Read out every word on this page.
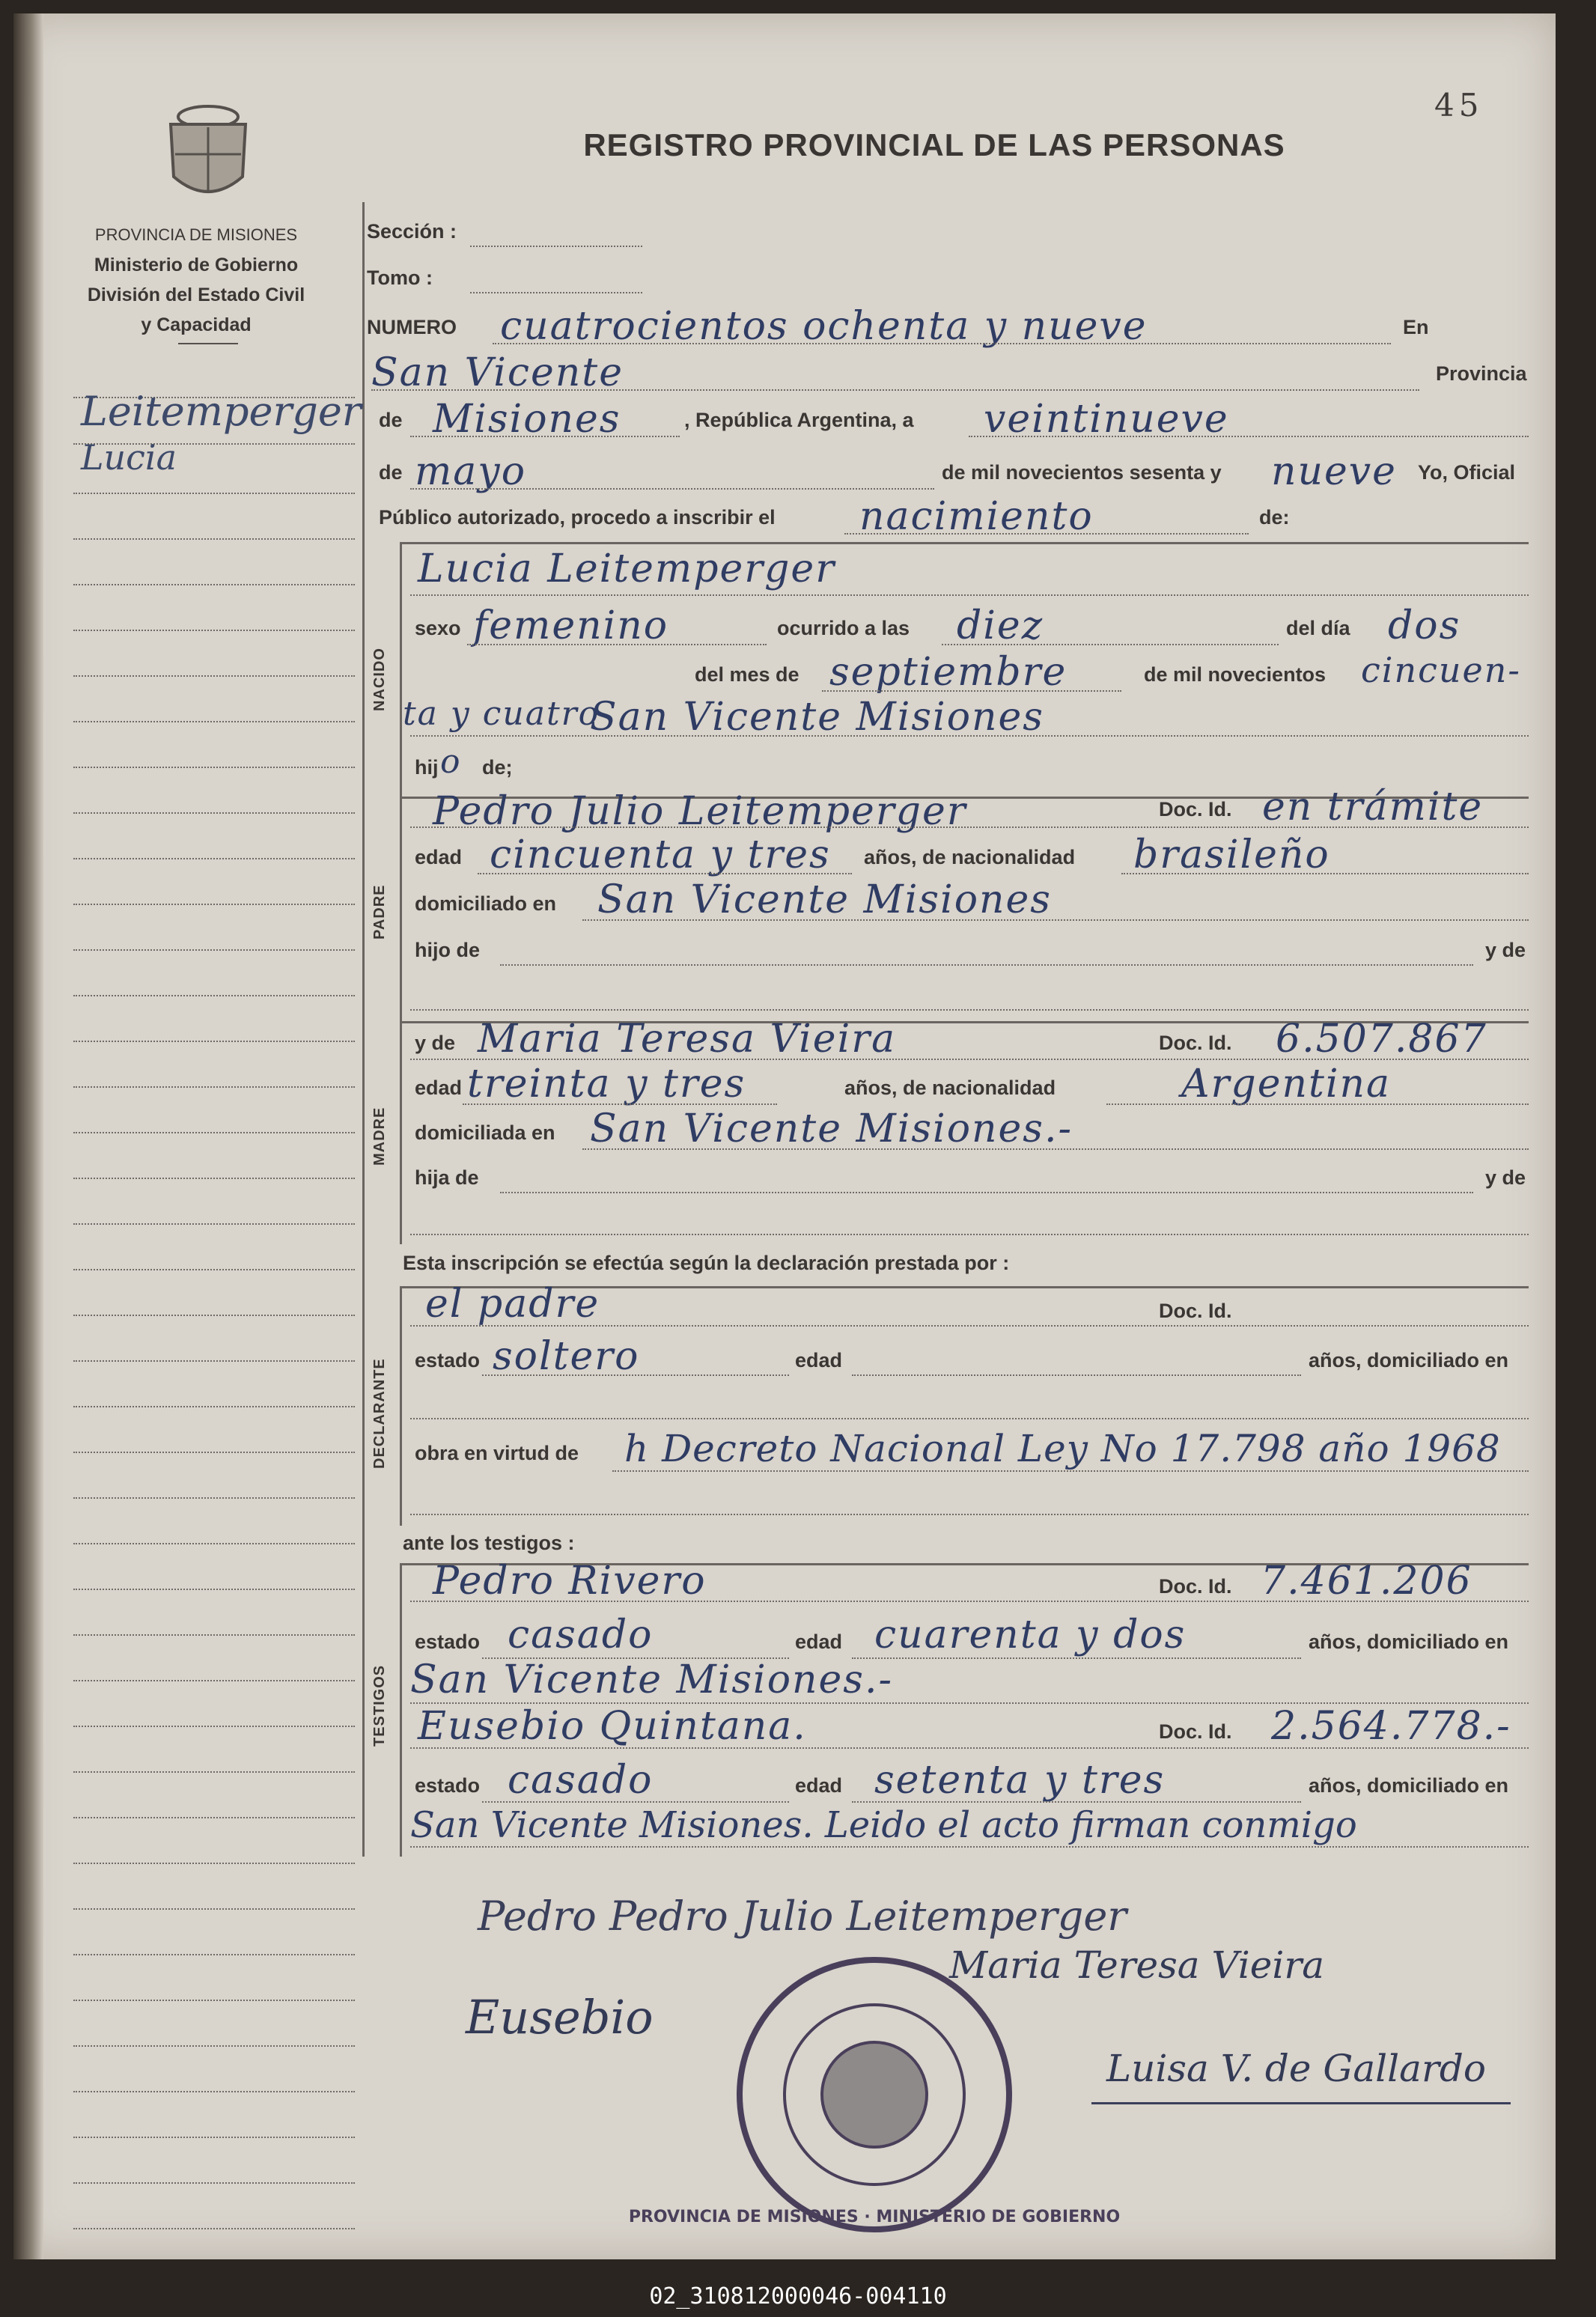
45
REGISTRO PROVINCIAL DE LAS PERSONAS
PROVINCIA DE MISIONES
Ministerio de Gobierno
División del Estado Civil
y Capacidad
Leitemperger
Lucia
Sección :
Tomo :
NUMERO cuatrocientos ochenta y nueve	En
San Vicente	Provincia
de Misiones	, República Argentina, a veintinueve
de mayo	de mil novecientos sesenta y nueve Yo, Oficial
Público autorizado, procedo a inscribir el nacimiento	de:
NACIDO
Lucia Leitemperger
sexo femenino	ocurrido a las diez	del día dos
del mes de septiembre	de mil novecientos cincuen-
ta y cuatro
San Vicente Misiones
hij o de;
PADRE
Pedro Julio Leitemperger	Doc. Id. en trámite
edad cincuenta y tres años, de nacionalidad brasileño
domiciliado en San Vicente Misiones
hijo de	y de
MADRE
y de Maria Teresa Vieira	Doc. Id. 6.507.867
edad treinta y tres	años, de nacionalidad	Argentina
domiciliada en San Vicente Misiones.-
hija de	y de
Esta inscripción se efectúa según la declaración prestada por :
DECLARANTE
el padre	Doc. Id.
estado soltero	edad	años, domiciliado en
obra en virtud de h Decreto Nacional Ley No 17.798 año 1968
ante los testigos :
TESTIGOS
Pedro Rivero	Doc. Id. 7.461.206
estado casado	edad cuarenta y dos	años, domiciliado en
San Vicente Misiones.-
Eusebio Quintana.	Doc. Id. 2.564.778.-
estado casado	edad setenta y tres	años, domiciliado en
San Vicente Misiones. Leido el acto firman conmigo
Pedro Pedro Julio Leitemperger
Maria Teresa Vieira
Eusebio
Luisa V. de Gallardo
PROVINCIA DE MISIONES · MINISTERIO DE GOBIERNO
02_310812000046-004110
